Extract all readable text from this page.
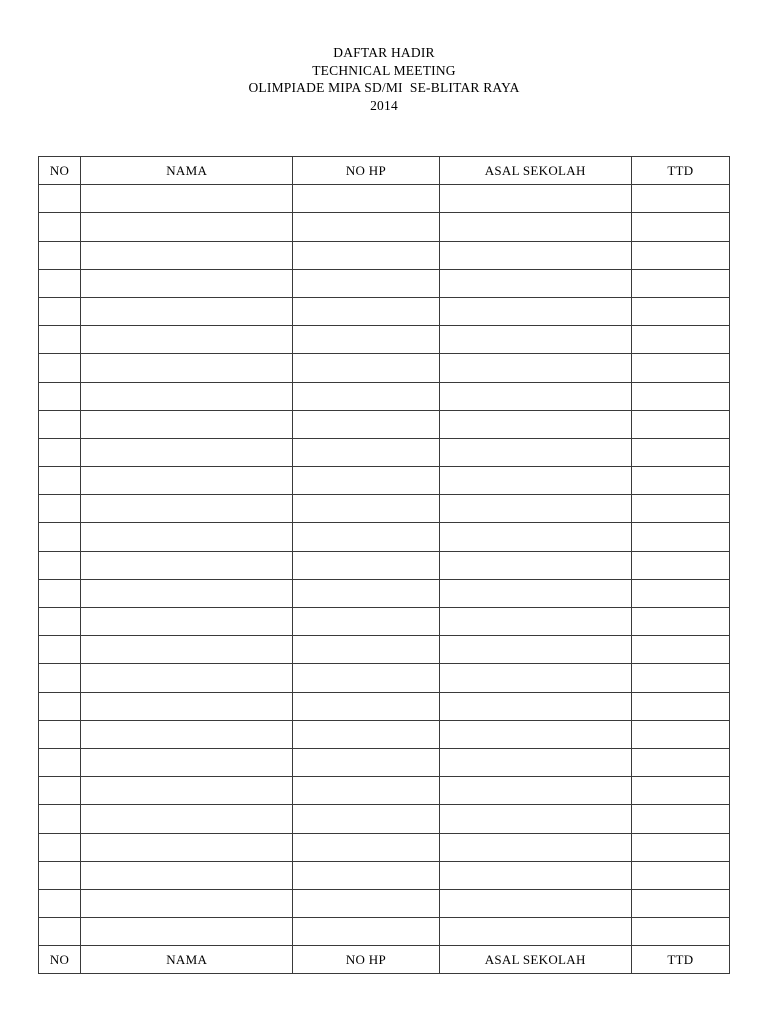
DAFTAR HADIR
TECHNICAL MEETING
OLIMPIADE MIPA SD/MI  SE-BLITAR RAYA
2014
NO	NAMA	NO HP	ASAL SEKOLAH	TTD

NO	NAMA	NO HP	ASAL SEKOLAH	TTD
